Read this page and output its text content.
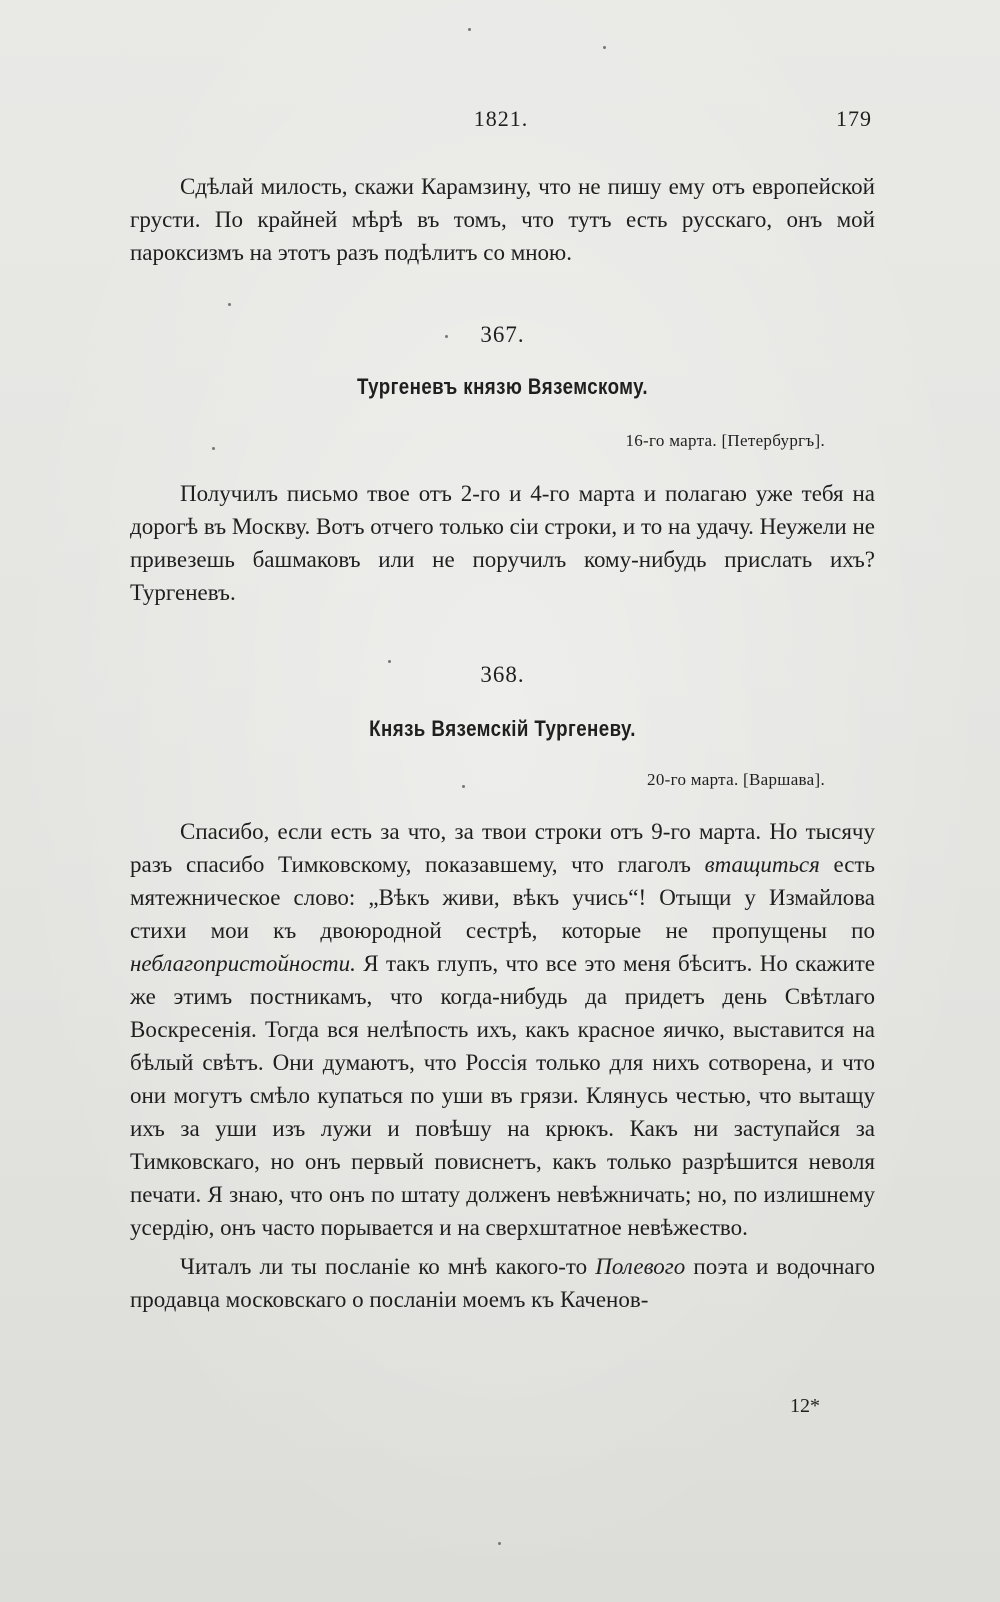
1821.	179

Сдѣлай милость, скажи Карамзину, что не пишу ему отъ европейской грусти. По крайней мѣрѣ въ томъ, что тутъ есть русскаго, онъ мой пароксизмъ на этотъ разъ подѣлитъ со мною.

367.
Тургеневъ князю Вяземскому.
16-го марта. [Петербургъ].

Получилъ письмо твое отъ 2-го и 4-го марта и полагаю уже тебя на дорогѣ въ Москву. Вотъ отчего только сiи строки, и то на удачу. Неужели не привезешь башмаковъ или не поручилъ кому-нибудь прислать ихъ? Тургеневъ.

368.
Князь Вяземскiй Тургеневу.
20-го марта. [Варшава].

Спасибо, если есть за что, за твои строки отъ 9-го марта. Но тысячу разъ спасибо Тимковскому, показавшему, что глаголъ втащиться есть мятежническое слово: „Вѣкъ живи, вѣкъ учись“! Отыщи у Измайлова стихи мои къ двоюродной сестрѣ, которые не пропущены по неблагопристойности. Я такъ глупъ, что все это меня бѣситъ. Но скажите же этимъ постникамъ, что когда-нибудь да придетъ день Свѣтлаго Воскресенiя. Тогда вся нелѣпость ихъ, какъ красное яичко, выставится на бѣлый свѣтъ. Они думаютъ, что Россiя только для нихъ сотворена, и что они могутъ смѣло купаться по уши въ грязи. Клянусь честью, что вытащу ихъ за уши изъ лужи и повѣшу на крюкъ. Какъ ни заступайся за Тимковскаго, но онъ первый повиснетъ, какъ только разрѣшится неволя печати. Я знаю, что онъ по штату долженъ невѣжничать; но, по излишнему усердiю, онъ часто порывается и на сверхштатное невѣжество.

Читалъ ли ты посланiе ко мнѣ какого-то Полевого поэта и водочнаго продавца московскаго о посланiи моемъ къ Каченов-

12*
